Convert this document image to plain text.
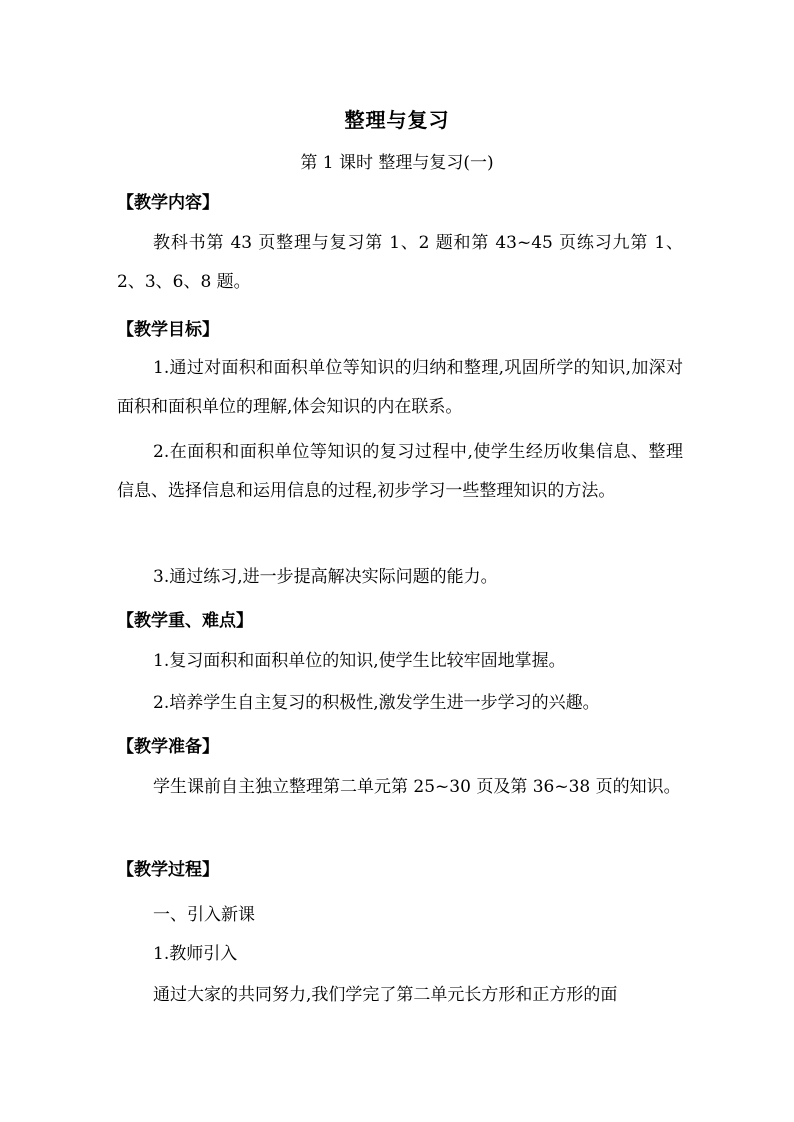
整理与复习
第 1 课时 整理与复习(一)
【教学内容】
教科书第 43 页整理与复习第 1、2 题和第 43~45 页练习九第 1、2、3、6、8 题。
【教学目标】
1.通过对面积和面积单位等知识的归纳和整理,巩固所学的知识,加深对面积和面积单位的理解,体会知识的内在联系。
2.在面积和面积单位等知识的复习过程中,使学生经历收集信息、整理信息、选择信息和运用信息的过程,初步学习一些整理知识的方法。
3.通过练习,进一步提高解决实际问题的能力。
【教学重、难点】
1.复习面积和面积单位的知识,使学生比较牢固地掌握。
2.培养学生自主复习的积极性,激发学生进一步学习的兴趣。
【教学准备】
学生课前自主独立整理第二单元第 25~30 页及第 36~38 页的知识。
【教学过程】
一、引入新课
1.教师引入
通过大家的共同努力,我们学完了第二单元长方形和正方形的面
